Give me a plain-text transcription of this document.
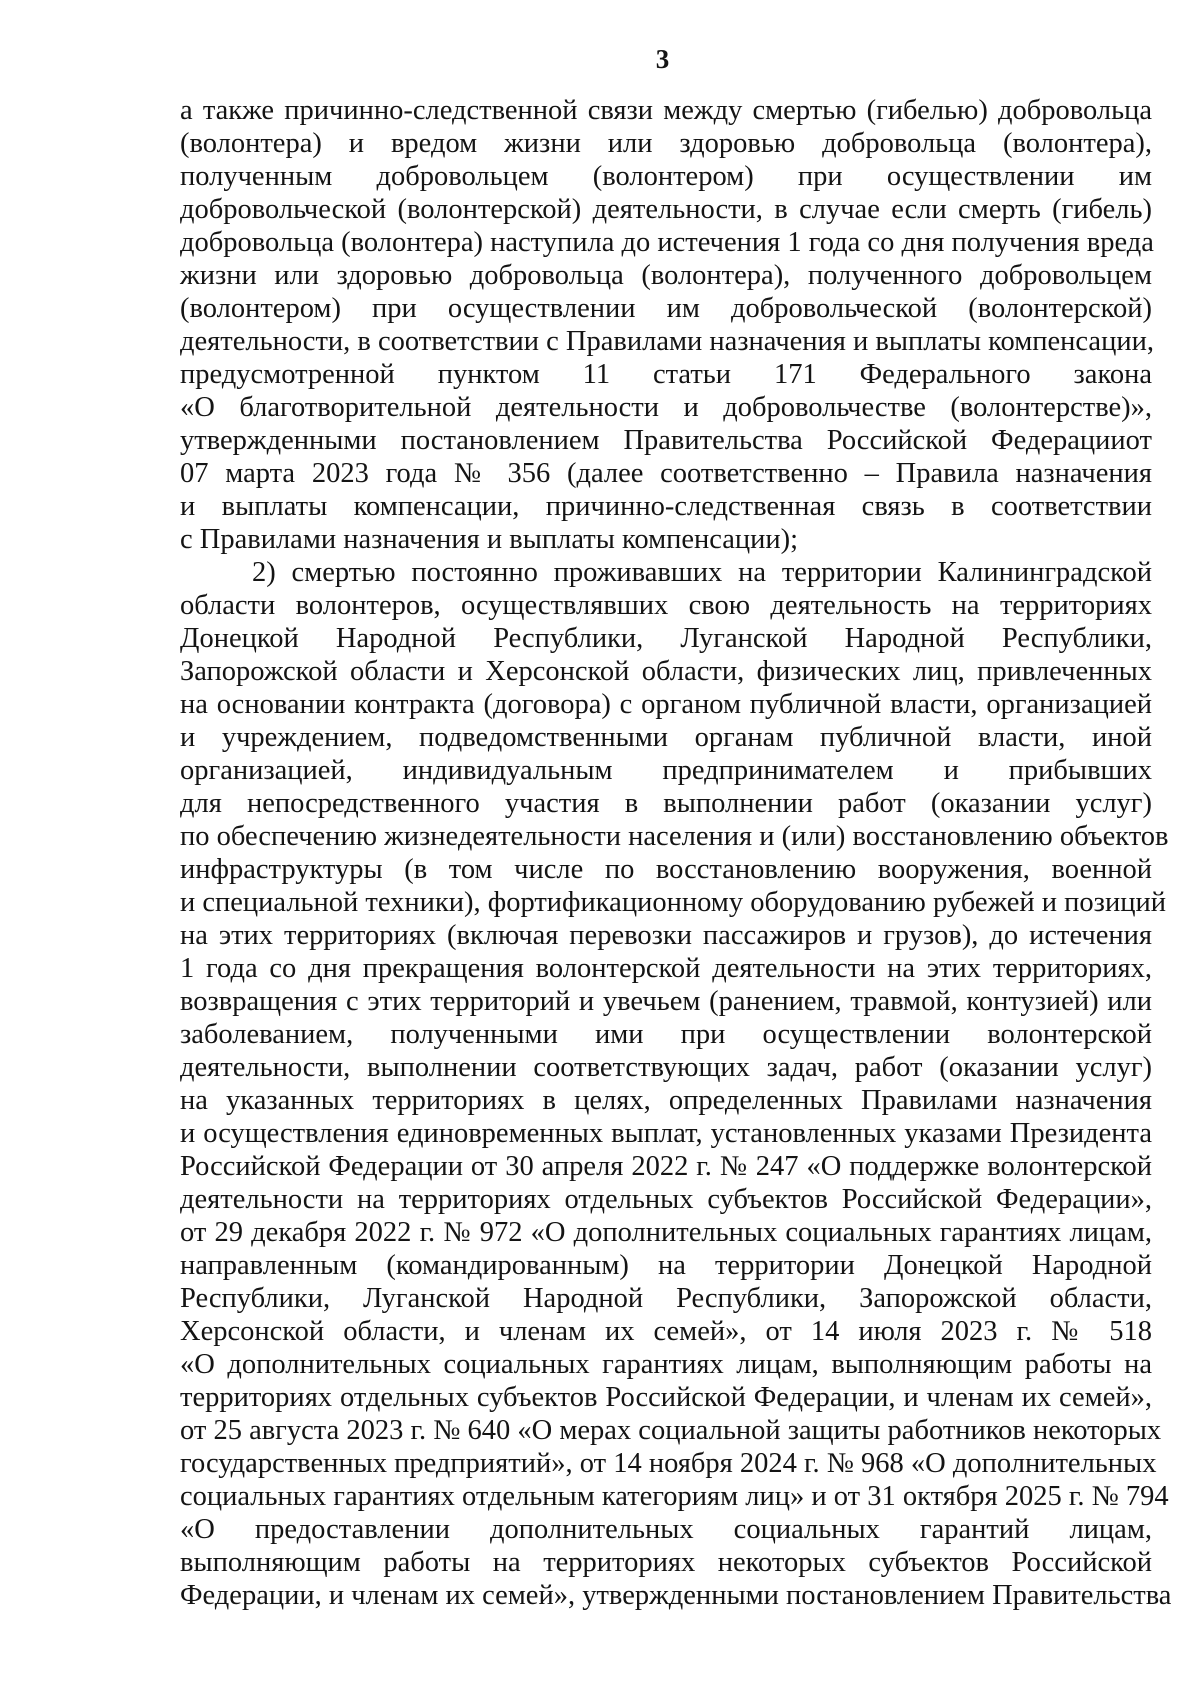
3
а также причинно-следственной связи между смертью (гибелью) добровольца
(волонтера) и вредом жизни или здоровью добровольца (волонтера),
полученным добровольцем (волонтером) при осуществлении им
добровольческой (волонтерской) деятельности, в случае если смерть (гибель)
добровольца (волонтера) наступила до истечения 1 года со дня получения вреда
жизни или здоровью добровольца (волонтера), полученного добровольцем
(волонтером) при осуществлении им добровольческой (волонтерской)
деятельности, в соответствии с Правилами назначения и выплаты компенсации,
предусмотренной пунктом 11 статьи 171 Федерального закона
«О благотворительной деятельности и добровольчестве (волонтерстве)»,
утвержденными постановлением Правительства Российской Федерацииот
07 марта 2023 года № 356 (далее соответственно – Правила назначения
и выплаты компенсации, причинно-следственная связь в соответствии
с Правилами назначения и выплаты компенсации);
2) смертью постоянно проживавших на территории Калининградской
области волонтеров, осуществлявших свою деятельность на территориях
Донецкой Народной Республики, Луганской Народной Республики,
Запорожской области и Херсонской области, физических лиц, привлеченных
на основании контракта (договора) с органом публичной власти, организацией
и учреждением, подведомственными органам публичной власти, иной
организацией, индивидуальным предпринимателем и прибывших
для непосредственного участия в выполнении работ (оказании услуг)
по обеспечению жизнедеятельности населения и (или) восстановлению объектов
инфраструктуры (в том числе по восстановлению вооружения, военной
и специальной техники), фортификационному оборудованию рубежей и позиций
на этих территориях (включая перевозки пассажиров и грузов), до истечения
1 года со дня прекращения волонтерской деятельности на этих территориях,
возвращения с этих территорий и увечьем (ранением, травмой, контузией) или
заболеванием, полученными ими при осуществлении волонтерской
деятельности, выполнении соответствующих задач, работ (оказании услуг)
на указанных территориях в целях, определенных Правилами назначения
и осуществления единовременных выплат, установленных указами Президента
Российской Федерации от 30 апреля 2022 г. № 247 «О поддержке волонтерской
деятельности на территориях отдельных субъектов Российской Федерации»,
от 29 декабря 2022 г. № 972 «О дополнительных социальных гарантиях лицам,
направленным (командированным) на территории Донецкой Народной
Республики, Луганской Народной Республики, Запорожской области,
Херсонской области, и членам их семей», от 14 июля 2023 г. № 518
«О дополнительных социальных гарантиях лицам, выполняющим работы на
территориях отдельных субъектов Российской Федерации, и членам их семей»,
от 25 августа 2023 г. № 640 «О мерах социальной защиты работников некоторых
государственных предприятий», от 14 ноября 2024 г. № 968 «О дополнительных
социальных гарантиях отдельным категориям лиц» и от 31 октября 2025 г. № 794
«О предоставлении дополнительных социальных гарантий лицам,
выполняющим работы на территориях некоторых субъектов Российской
Федерации, и членам их семей», утвержденными постановлением Правительства
